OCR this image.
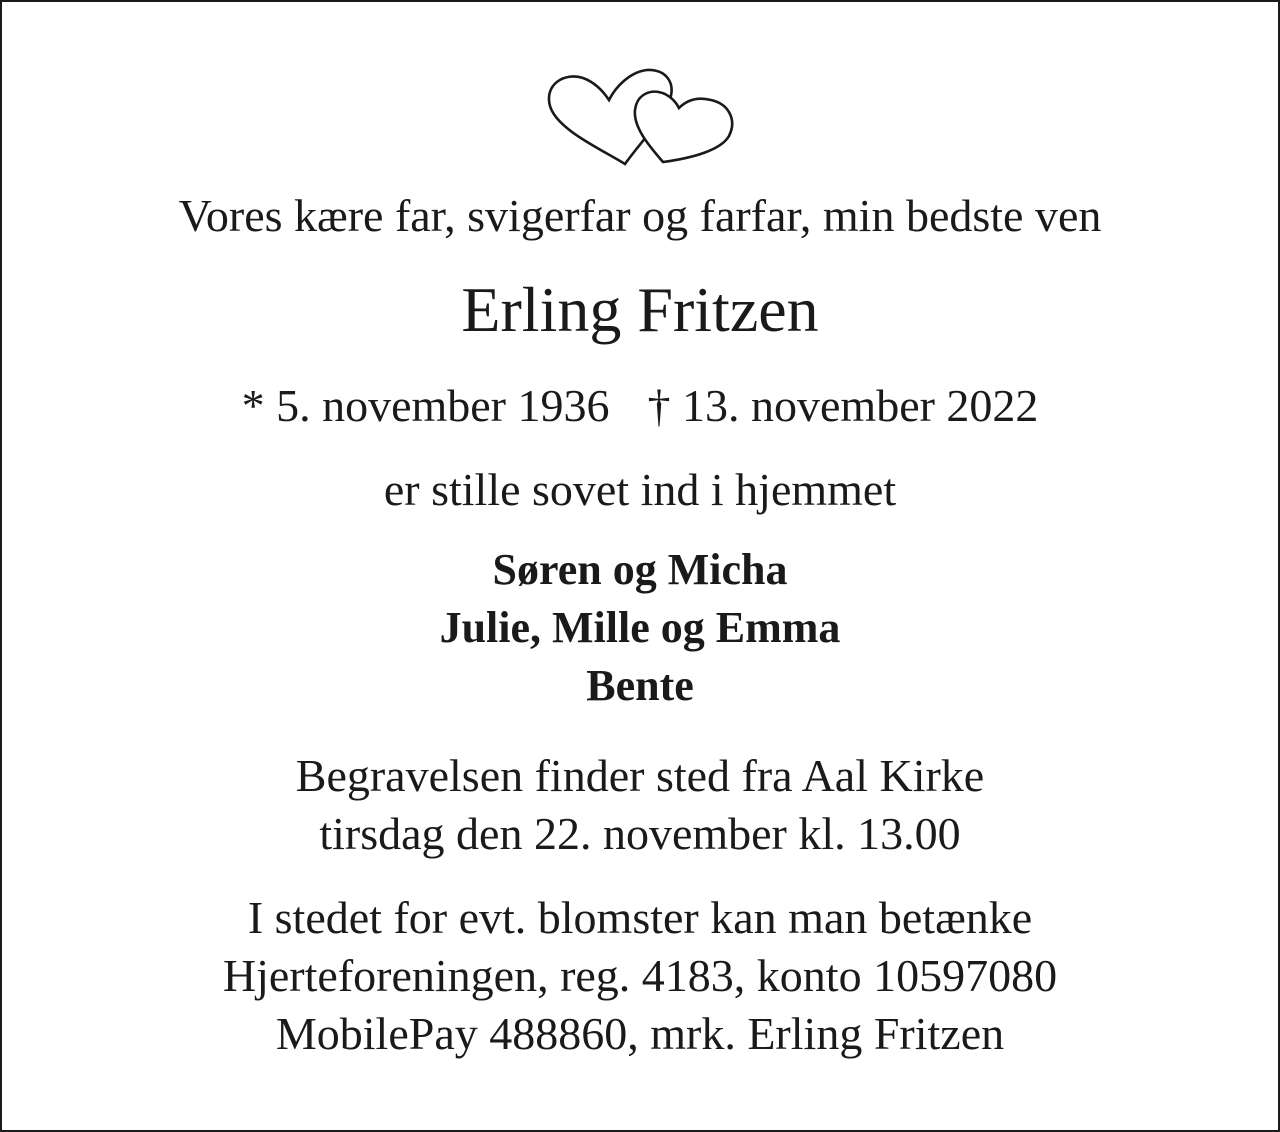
Vores kære far, svigerfar og farfar, min bedste ven
Erling Fritzen
* 5. november 1936 † 13. november 2022
er stille sovet ind i hjemmet
Søren og Micha
Julie, Mille og Emma
Bente
Begravelsen finder sted fra Aal Kirke
tirsdag den 22. november kl. 13.00
I stedet for evt. blomster kan man betænke
Hjerteforeningen, reg. 4183, konto 10597080
MobilePay 488860, mrk. Erling Fritzen
